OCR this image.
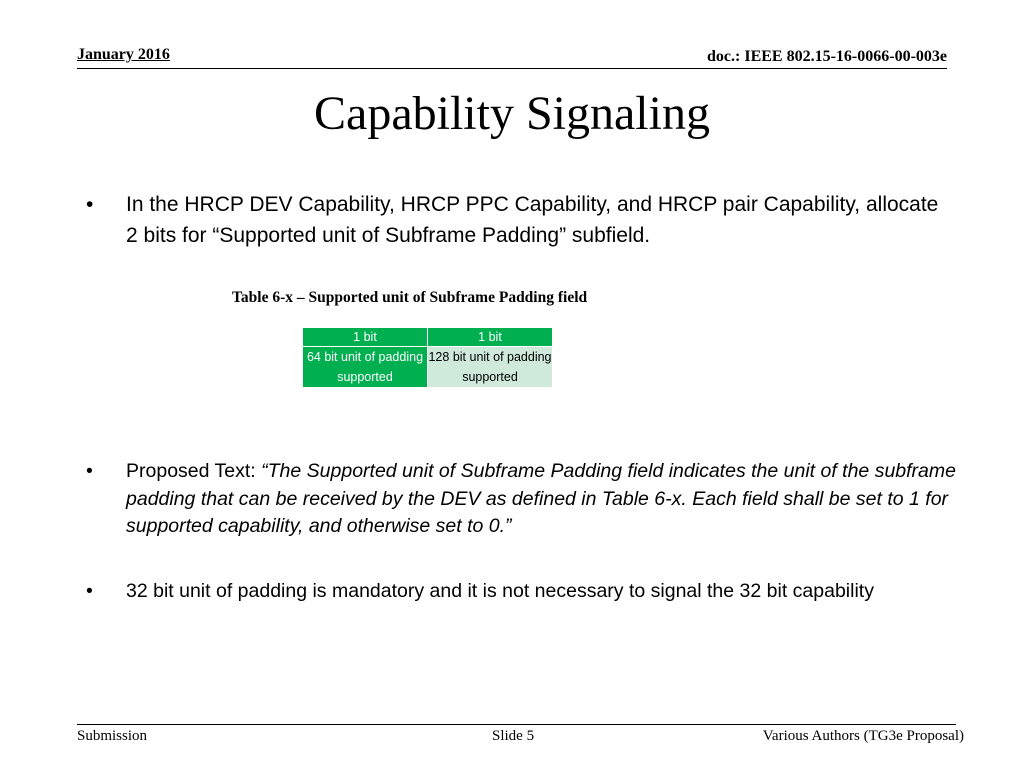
January 2016	doc.: IEEE 802.15-16-0066-00-003e
Capability Signaling
•	In the HRCP DEV Capability, HRCP PPC Capability, and HRCP pair Capability, allocate 2 bits for “Supported unit of Subframe Padding” subfield.
Table 6-x – Supported unit of Subframe Padding field
1 bit	1 bit
64 bit unit of padding supported	128 bit unit of padding supported
•	Proposed Text: “The Supported unit of Subframe Padding field indicates the unit of the subframe padding that can be received by the DEV as defined in Table 6-x. Each field shall be set to 1 for supported capability, and otherwise set to 0.”
•	32 bit unit of padding is mandatory and it is not necessary to signal the 32 bit capability
Submission	Slide 5	Various Authors (TG3e Proposal)
